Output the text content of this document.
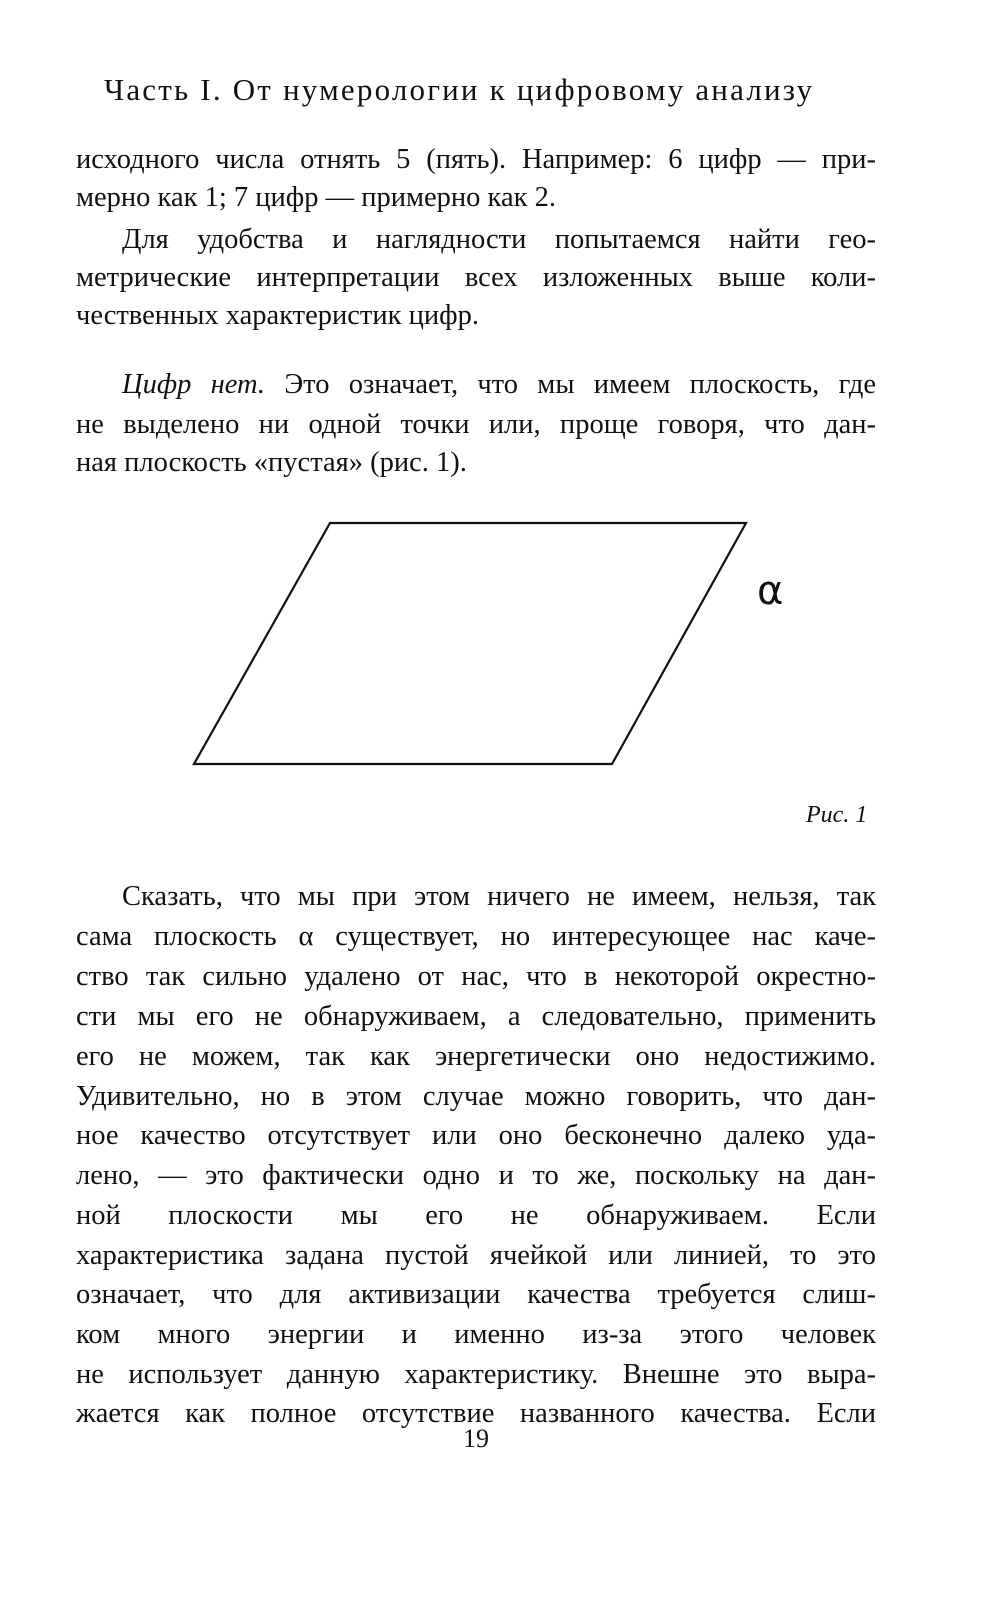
Часть I. От нумерологии к цифровому анализу
исходного числа отнять 5 (пять). Например: 6 цифр — при-
мерно как 1; 7 цифр — примерно как 2.
Для удобства и наглядности попытаемся найти гео-
метрические интерпретации всех изложенных выше коли-
чественных характеристик цифр.
Цифр нет. Это означает, что мы имеем плоскость, где
не выделено ни одной точки или, проще говоря, что дан-
ная плоскость «пустая» (рис. 1).
α
Рис. 1
Сказать, что мы при этом ничего не имеем, нельзя, так
сама плоскость α существует, но интересующее нас каче-
ство так сильно удалено от нас, что в некоторой окрестно-
сти мы его не обнаруживаем, а следовательно, применить
его не можем, так как энергетически оно недостижимо.
Удивительно, но в этом случае можно говорить, что дан-
ное качество отсутствует или оно бесконечно далеко уда-
лено, — это фактически одно и то же, поскольку на дан-
ной плоскости мы его не обнаруживаем. Если
характеристика задана пустой ячейкой или линией, то это
означает, что для активизации качества требуется слиш-
ком много энергии и именно из-за этого человек
не использует данную характеристику. Внешне это выра-
жается как полное отсутствие названного качества. Если
19
